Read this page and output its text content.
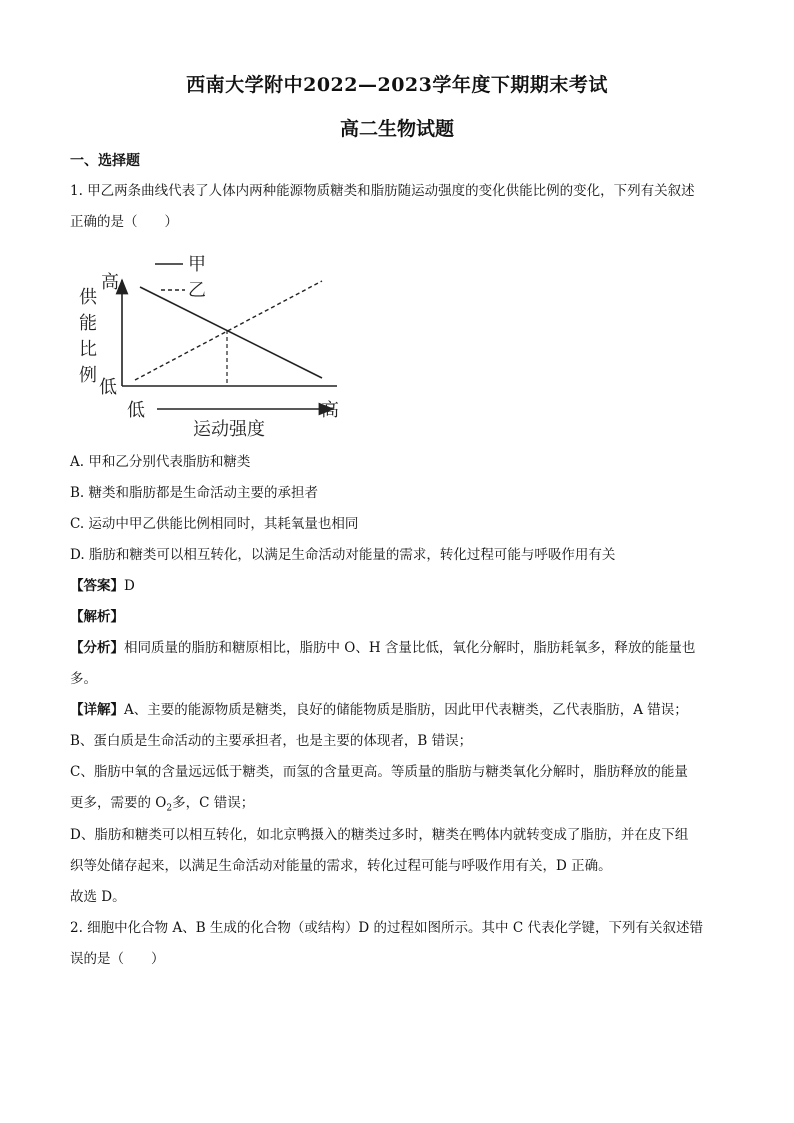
西南大学附中2022—2023学年度下期期末考试
高二生物试题
一、选择题
1. 甲乙两条曲线代表了人体内两种能源物质糖类和脂肪随运动强度的变化供能比例的变化，下列有关叙述
正确的是（　　）
甲
乙
高
供
能
比
例
低
低	高
运动强度
A. 甲和乙分别代表脂肪和糖类
B. 糖类和脂肪都是生命活动主要的承担者
C. 运动中甲乙供能比例相同时，其耗氧量也相同
D. 脂肪和糖类可以相互转化，以满足生命活动对能量的需求，转化过程可能与呼吸作用有关
【答案】D
【解析】
【分析】相同质量的脂肪和糖原相比，脂肪中 O、H 含量比低，氧化分解时，脂肪耗氧多，释放的能量也
多。
【详解】A、主要的能源物质是糖类，良好的储能物质是脂肪，因此甲代表糖类，乙代表脂肪，A 错误；
B、蛋白质是生命活动的主要承担者，也是主要的体现者，B 错误；
C、脂肪中氧的含量远远低于糖类，而氢的含量更高。等质量的脂肪与糖类氧化分解时，脂肪释放的能量
更多，需要的 $O_2$多，C 错误；
D、脂肪和糖类可以相互转化，如北京鸭摄入的糖类过多时，糖类在鸭体内就转变成了脂肪，并在皮下组
织等处储存起来，以满足生命活动对能量的需求，转化过程可能与呼吸作用有关，D 正确。
故选 D。
2. 细胞中化合物 A、B 生成的化合物（或结构）D 的过程如图所示。其中 C 代表化学键，下列有关叙述错
误的是（　　）
